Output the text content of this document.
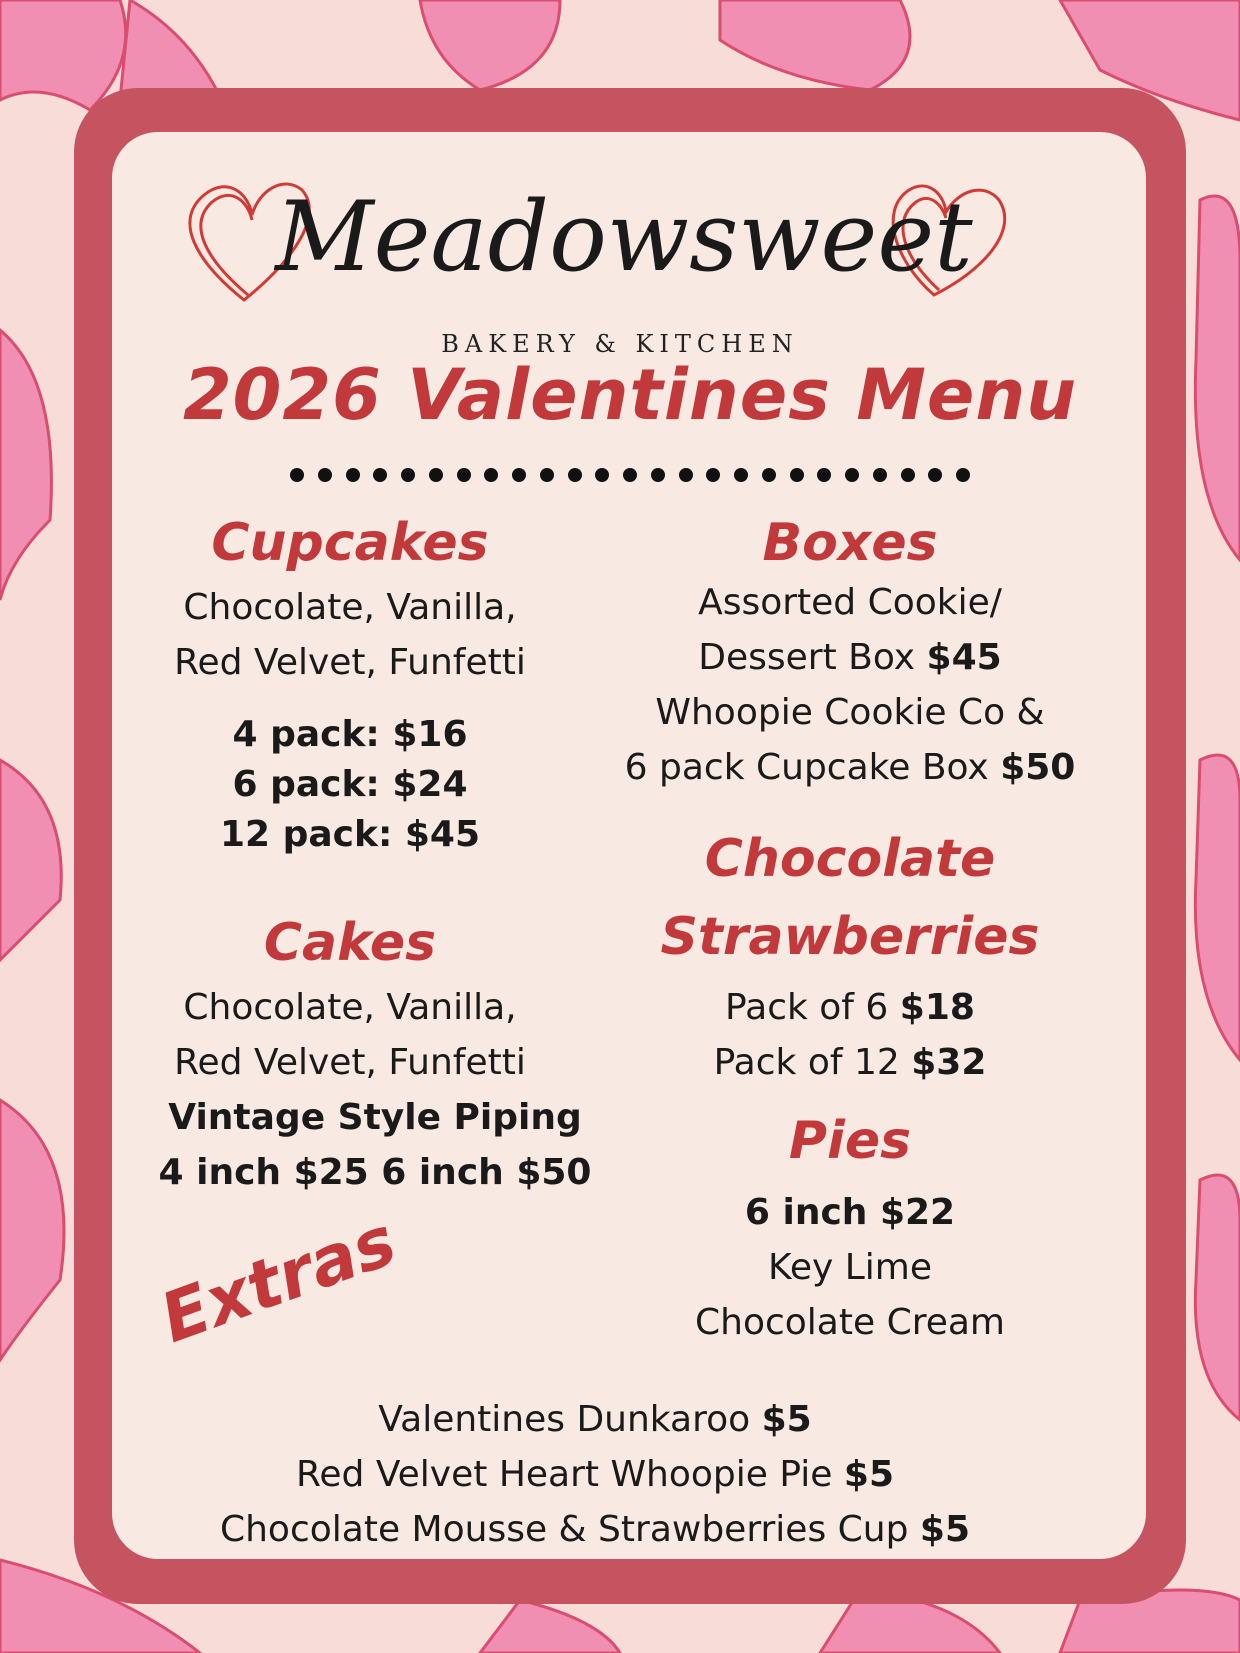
Meadowsweet
BAKERY & KITCHEN
2026 Valentines Menu
Cupcakes
Chocolate, Vanilla,
Red Velvet, Funfetti
4 pack: $16
6 pack: $24
12 pack: $45
Boxes
Assorted Cookie/
Dessert Box $45
Whoopie Cookie Co &
6 pack Cupcake Box $50
Chocolate
Strawberries
Pack of 6 $18
Pack of 12 $32
Cakes
Chocolate, Vanilla,
Red Velvet, Funfetti
Vintage Style Piping
4 inch $25 6 inch $50
Pies
6 inch $22
Key Lime
Chocolate Cream
Extras
Valentines Dunkaroo $5
Red Velvet Heart Whoopie Pie $5
Chocolate Mousse & Strawberries Cup $5
